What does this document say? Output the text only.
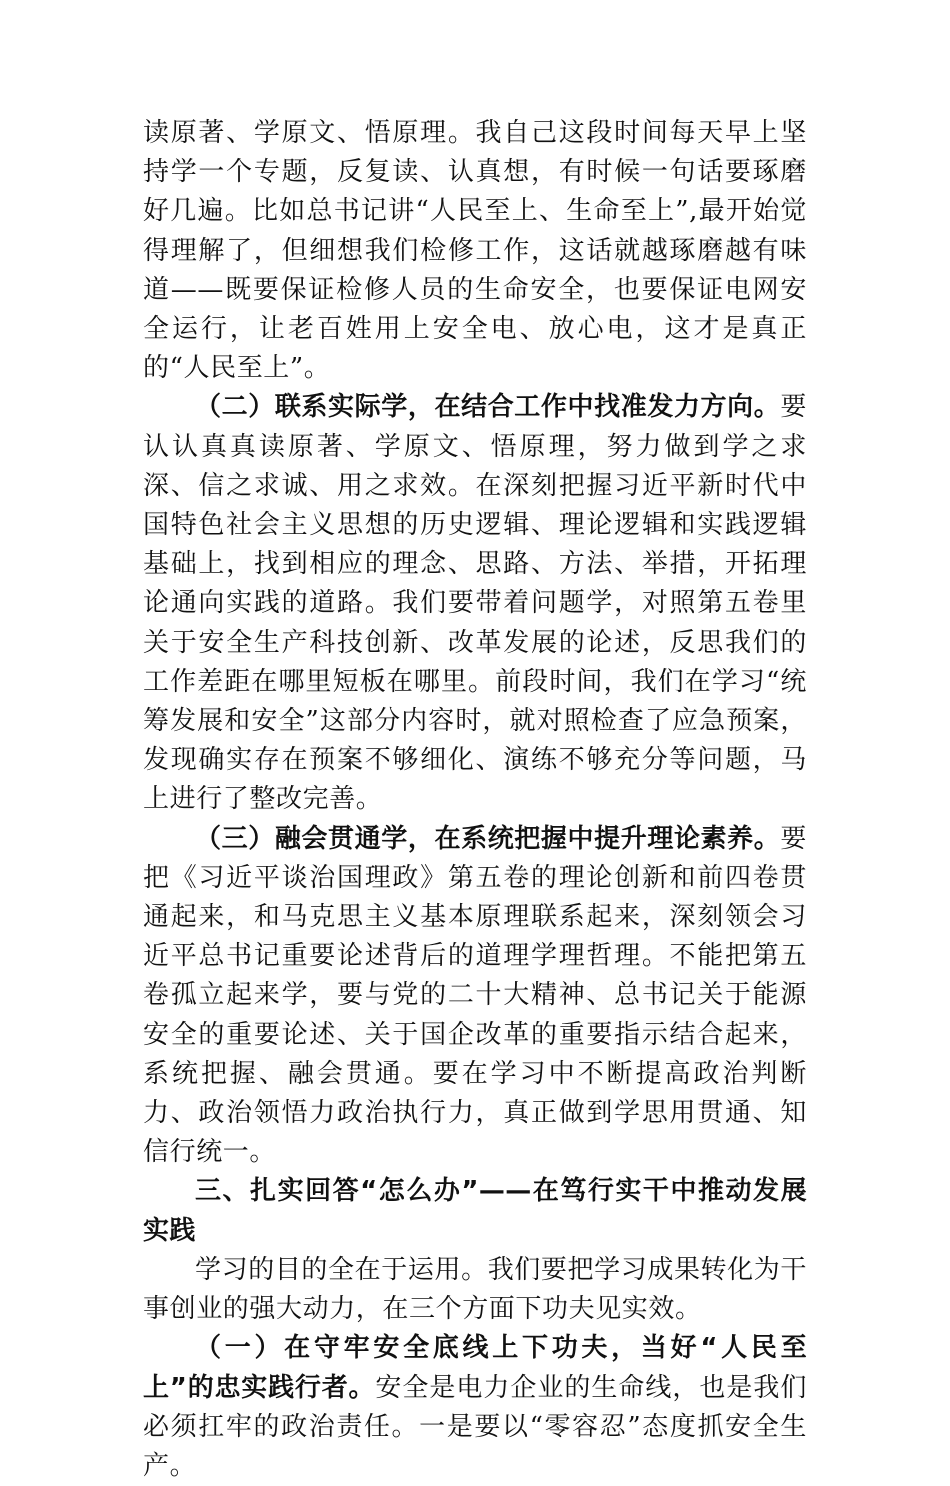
读原著、学原文、悟原理。我自己这段时间每天早上坚持学一个专题，反复读、认真想，有时候一句话要琢磨好几遍。比如总书记讲“人民至上、生命至上”,最开始觉得理解了，但细想我们检修工作，这话就越琢磨越有味道——既要保证检修人员的生命安全，也要保证电网安全运行，让老百姓用上安全电、放心电，这才是真正的“人民至上”。

（二）联系实际学，在结合工作中找准发力方向。要认认真真读原著、学原文、悟原理，努力做到学之求深、信之求诚、用之求效。在深刻把握习近平新时代中国特色社会主义思想的历史逻辑、理论逻辑和实践逻辑基础上，找到相应的理念、思路、方法、举措，开拓理论通向实践的道路。我们要带着问题学，对照第五卷里关于安全生产科技创新、改革发展的论述，反思我们的工作差距在哪里短板在哪里。前段时间，我们在学习“统筹发展和安全”这部分内容时，就对照检查了应急预案，发现确实存在预案不够细化、演练不够充分等问题，马上进行了整改完善。

（三）融会贯通学，在系统把握中提升理论素养。要把《习近平谈治国理政》第五卷的理论创新和前四卷贯通起来，和马克思主义基本原理联系起来，深刻领会习近平总书记重要论述背后的道理学理哲理。不能把第五卷孤立起来学，要与党的二十大精神、总书记关于能源安全的重要论述、关于国企改革的重要指示结合起来，系统把握、融会贯通。要在学习中不断提高政治判断力、政治领悟力政治执行力，真正做到学思用贯通、知信行统一。

三、扎实回答“怎么办”——在笃行实干中推动发展实践

学习的目的全在于运用。我们要把学习成果转化为干事创业的强大动力，在三个方面下功夫见实效。

（一）在守牢安全底线上下功夫，当好“人民至上”的忠实践行者。安全是电力企业的生命线，也是我们必须扛牢的政治责任。一是要以“零容忍”态度抓安全生产。
